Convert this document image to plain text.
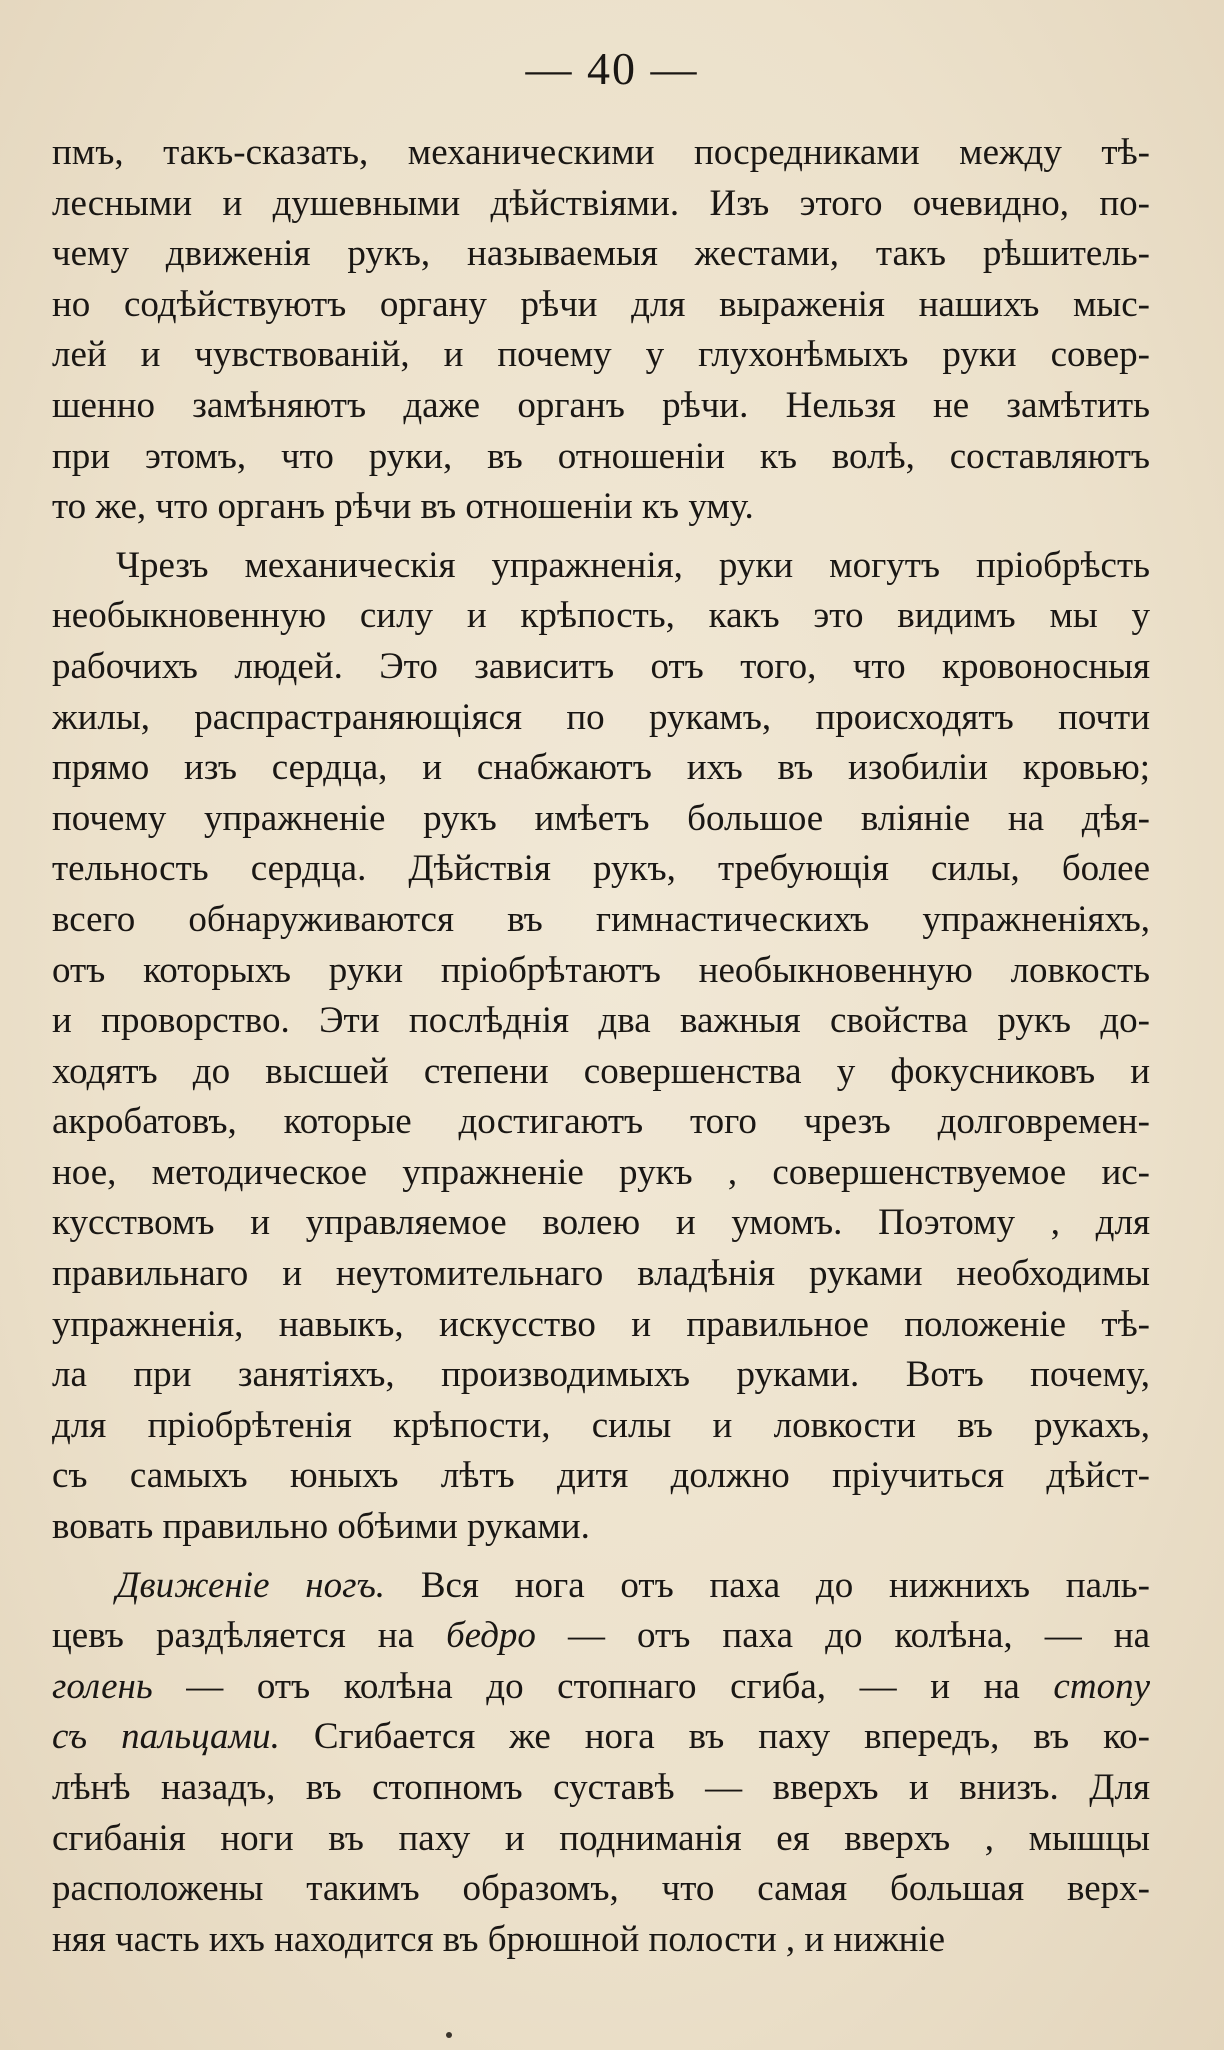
— 40 —
пмъ, такъ-сказать, механическими посредниками между тѣ-
лесными и душевными дѣйствіями. Изъ этого очевидно, по-
чему движенія рукъ, называемыя жестами, такъ рѣшитель-
но содѣйствуютъ органу рѣчи для выраженія нашихъ мыс-
лей и чувствованій, и почему у глухонѣмыхъ руки совер-
шенно замѣняютъ даже органъ рѣчи. Нельзя не замѣтить
при этомъ, что руки, въ отношеніи къ волѣ, составляютъ
то же, что органъ рѣчи въ отношеніи къ уму.
Чрезъ механическія упражненія, руки могутъ пріобрѣсть
необыкновенную силу и крѣпость, какъ это видимъ мы у
рабочихъ людей. Это зависитъ отъ того, что кровоносныя
жилы, распрастраняющіяся по рукамъ, происходятъ почти
прямо изъ сердца, и снабжаютъ ихъ въ изобиліи кровью;
почему упражненіе рукъ имѣетъ большое вліяніе на дѣя-
тельность сердца. Дѣйствія рукъ, требующія силы, более
всего обнаруживаются въ гимнастическихъ упражненіяхъ,
отъ которыхъ руки пріобрѣтаютъ необыкновенную ловкость
и проворство. Эти послѣднія два важныя свойства рукъ до-
ходятъ до высшей степени совершенства у фокусниковъ и
акробатовъ, которые достигаютъ того чрезъ долговремен-
ное, методическое упражненіе рукъ , совершенствуемое ис-
кусствомъ и управляемое волею и умомъ. Поэтому , для
правильнаго и неутомительнаго владѣнія руками необходимы
упражненія, навыкъ, искусство и правильное положеніе тѣ-
ла при занятіяхъ, производимыхъ руками. Вотъ почему,
для пріобрѣтенія крѣпости, силы и ловкости въ рукахъ,
съ самыхъ юныхъ лѣтъ дитя должно пріучиться дѣйст-
вовать правильно обѣими руками.
Движеніе ногъ. Вся нога отъ паха до нижнихъ паль-
цевъ раздѣляется на бедро — отъ паха до колѣна, — на
голень — отъ колѣна до стопнаго сгиба, — и на стопу
съ пальцами. Сгибается же нога въ паху впередъ, въ ко-
лѣнѣ назадъ, въ стопномъ суставѣ — вверхъ и внизъ. Для
сгибанія ноги въ паху и подниманія ея вверхъ , мышцы
расположены такимъ образомъ, что самая большая верх-
няя часть ихъ находится въ брюшной полости , и нижніе
